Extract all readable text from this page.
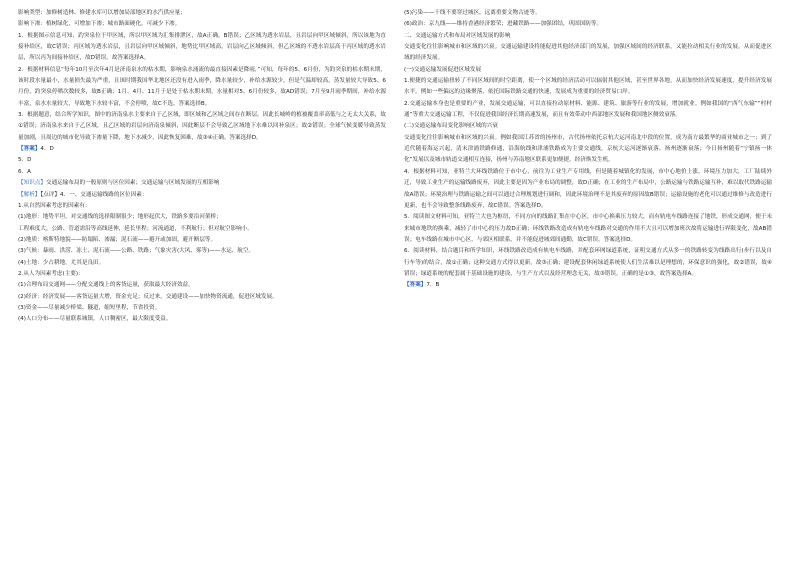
影响类型：加修树造林、修建水库可以增加局部地区的水汽供应量；

影响下渗：植树绿化，可增加下渗；城市路面硬化，可减少下渗。

1．根据图示信息可知，趵突泉位于甲区域，所以甲区域为汇集排泄区，故A正确，B错误；乙区域为透水岩层，且岩层向甲区域倾斜，所以该地为直接补给区，故C错误；丙区域为透水岩层，且岩层向甲区域倾斜，地势比甲区域高，岩层向乙区域倾斜，但乙区域的不透水岩层高于丙区域的透水岩层，所以丙为间接补给区，故D错误。故答案选择A。

2．根据材料信息“每年10月至次年4月是济南泉水的枯水期，影响泉水涌流的最直接因素是降雨，”可知，每年的5、6月份，为趵突泉的枯水期末期，该时段水量最小，水量损失最为严重，且该时期我国华北地区还没有进入雨季，降水量较少，补给水源较少，但是气温却较高，蒸发量较大导致5、6月份，趵突泉停喷次数较多，故B正确；1月、4月、11月于是处于枯水期末期，水量相对5、6月份较多，故AD错误；7月至9月雨季期间，补给水源丰富，泉水水量较大，导致地下水较丰富，不会停喷，故C不选。答案选择B。

3．根据题意，结合所学知识，图中的济南泉水主要来自于乙区域，即区域和乙区域之间存在断层，因此长城岭的植被覆盖率高低与之无太大关系，故①错误；济南泉水来自于乙区域，且乙区域的岩层向济南泉倾斜，因此断层不会导致乙区域地下水难以回补泉区；故②错误；全球气候变暖导致蒸发量加剧，且周边的城市化导致下渗量下降，地下水减少，因此恢复困难，故③④正确。答案选择D。

【答案】4．D

5．D

6．A

【知识点】交通运输布局的一般原则与区位因素；交通运输与区域发展的互相影响

【解析】【点评】4．一、交通运输线路的区位因素：

1.从自然因素考虑的因素有：

(1)地形：地势平坦，对交通线的选择限制很少；地形起伏大，铁路多要沿河架桥；

工程难度大，公路、管道需沿等高线延伸，延长里程；河流通道，不利航行；但对航空影响小。

(2)地质：喀斯特地貌——防塌陷、渗漏；泥石流——避开或加固，避开断层等。

(3)气候：暴雨、洪涝、冻土、泥石流——公路、铁路；气象灾害(大风、雾等)——水运、航空。

(4)土地：少占耕地，尤其是良田。

2.从人为因素考虑(主要)：

(1)合理布局交通网——分配交通线上的客货运量，获取最大经济效益。

(2)经济：经济发展——客货运量大增，资金充足；反过来，交通建设——加快物资流通，促进区域发展。

(3)资金——尽量减少桥梁、隧道，缩短里程，节省投资。

(4)人口分布——尽量联系城镇，人口稠密区，最大限度受益。

(5)污染——干线不要穿过城区，远离重要文物古迹等。

(6)政治：京九线——维持香港经济繁荣；进藏铁路——加强团结，巩固国防等。

二、交通运输方式和布局对区域发展的影响

交通变化往往影响城市和区域的兴衰。交通运输建设将能促进其他经济部门的发展，加强区域间的经济联系，又能拉动相关行业的发展，从而促进区域的经济发展。

(一)交通运输发展促进区域发展

1.便捷的交通运输扭转了不同区域间的时空距离，使一个区域的经济活动可以辐射其他区域，甚至世界各地，从而加快经济发展速度，提升经济发展水平。例如一些偏远的边缘聚落，依托国际铁路交通的快速，发展成为重要的经济贸易口岸。

2.交通运输本身也是重要的产业，发展交通运输，可以直接拉动原材料、能源、建筑、旅游等行业的发展，增加就业。例如我国的“西气东输”“村村通”等重大交通运输工程，不仅促进我国经济长期高速发展，而且有效带动中西部地区发展和我国地区侧效衰落。

(二)交通运输布局变化影响区域的兴衰

交通变化往往影响城市和区域的兴衰。例如我国江苏省的扬州市，古代扬州依托京杭大运河南北中段的位置，成为南方最繁华的商业城市之一；到了近代随着海运兴起，清末津浦铁路修通，沿海航线和津浦铁路成为主要交通线，京杭大运河逐渐衰落，扬州逐渐衰落；今日扬州随着“宁镇扬一体化”发展以及城市轨道交通相互连接，扬州与苏南地区联系更加便捷，经济焕发生机。

4．根据材料可知，亚特兰大环线铁路位于市中心，前往为工业生产专用线，但是随着城镇化的发展，市中心地价上涨，环境压力加大，工厂陆续外迁，导致工业生产的运输线路废弃，因此主要是因为产业布局的调整，故D正确；在工业的生产布局中，公路运输与铁路运输互补，难以取代铁路运输故A错误；环境治理与铁路运输之间可以通过合理规划进行调和，因此环境治理不是其废弃的原因故B错误；运输设施的老化可以通过维修与改造进行更新，也不会导致整条线路废弃，故C错误。答案选择D。

5．阅读图文材料可知，亚特兰大也为枢纽，不同方向的线路汇集在中心区，市中心换乘压力较大，而有轨电车线路连接了地铁，形成交通网，便于未来城市地铁的换乘，减轻了市中心的压力故D正确；环线铁路改造成有轨电车线路对交通的作用不大且可以增加班次故将运输进行界限变化，故AB错误；电车线路在城市中心区，与郊区相联系，并不能促进城郊间通勤，故C错误。答案选择D。

6．阅读材料，结合题目和所学知识，环线铁路改造成有轨电车线路，并配套环网绿道系统，证明交通方式从多一的铁路转变为线路出行(步行以及自行车等)的结合，故①正确；这种交通方式得以更新，故③正确；建设配套休闲绿道系统使人们生活难以是理想的，环保意识的强化，故②错误，故④错误；绿道系统的配套属于基础设施的建设，与生产方式以及经营理念无关，故③错误。正确的是①③，故答案选择A。

【答案】7．B
